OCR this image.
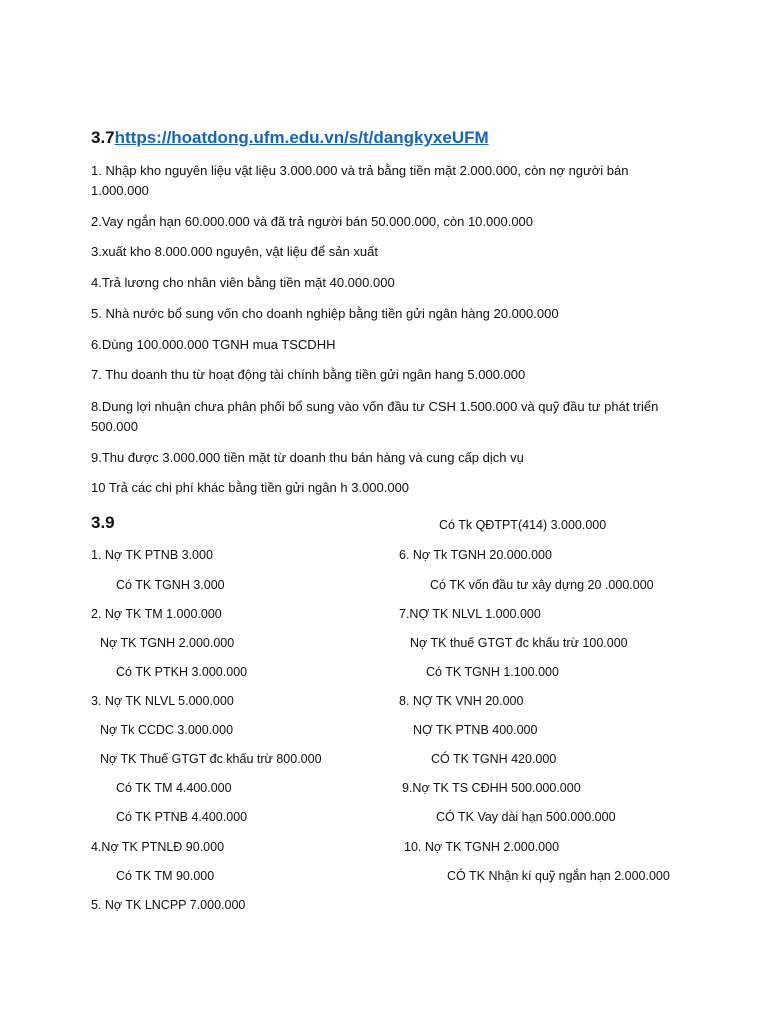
3.7https://hoatdong.ufm.edu.vn/s/t/dangkyxeUFM
1. Nhập kho nguyên liệu vật liệu 3.000.000 và trả bằng tiền mặt 2.000.000, còn nợ người bán 1.000.000
2.Vay ngắn hạn 60.000.000 và đã trả người bán 50.000.000, còn 10.000.000
3.xuất kho 8.000.000 nguyên, vật liệu để sản xuất
4.Trả lương cho nhân viên bằng tiền mặt 40.000.000
5. Nhà nước bổ sung vốn cho doanh nghiệp bằng tiền gửi ngân hàng 20.000.000
6.Dùng 100.000.000 TGNH mua TSCDHH
7. Thu doanh thu từ hoạt động tài chính bằng tiền gửi ngân hang 5.000.000
8.Dung lợi nhuận chưa phân phối bổ sung vào vốn đầu tư CSH 1.500.000 và quỹ đầu tư phát triển 500.000
9.Thu được 3.000.000 tiền mặt từ doanh thu bán hàng và cung cấp dịch vụ
10 Trả các chi phí khác bằng tiền gửi ngân h 3.000.000
3.9	Có Tk QĐTPT(414) 3.000.000
1. Nợ TK PTNB 3.000
Có TK TGNH 3.000
2. Nợ TK TM 1.000.000
Nợ TK TGNH 2.000.000
Có TK PTKH 3.000.000
3. Nợ TK NLVL 5.000.000
Nợ Tk CCDC 3.000.000
Nợ TK Thuế GTGT đc khấu trừ 800.000
Có TK TM 4.400.000
Có TK PTNB 4.400.000
4.Nợ TK PTNLĐ 90.000
Có TK TM 90.000
5. Nợ TK LNCPP 7.000.000
6. Nợ Tk TGNH 20.000.000
Có TK vốn đầu tư xây dựng 20 .000.000
7.NỢ TK NLVL 1.000.000
Nợ TK thuế GTGT đc khấu trừ 100.000
Có TK TGNH 1.100.000
8. NỢ TK VNH 20.000
NỢ TK PTNB 400.000
CÓ TK TGNH 420.000
9.Nợ TK TS CĐHH 500.000.000
CÓ TK Vay dài hạn 500.000.000
10. Nợ TK TGNH 2.000.000
CÓ TK Nhận kí quỹ ngắn hạn 2.000.000
